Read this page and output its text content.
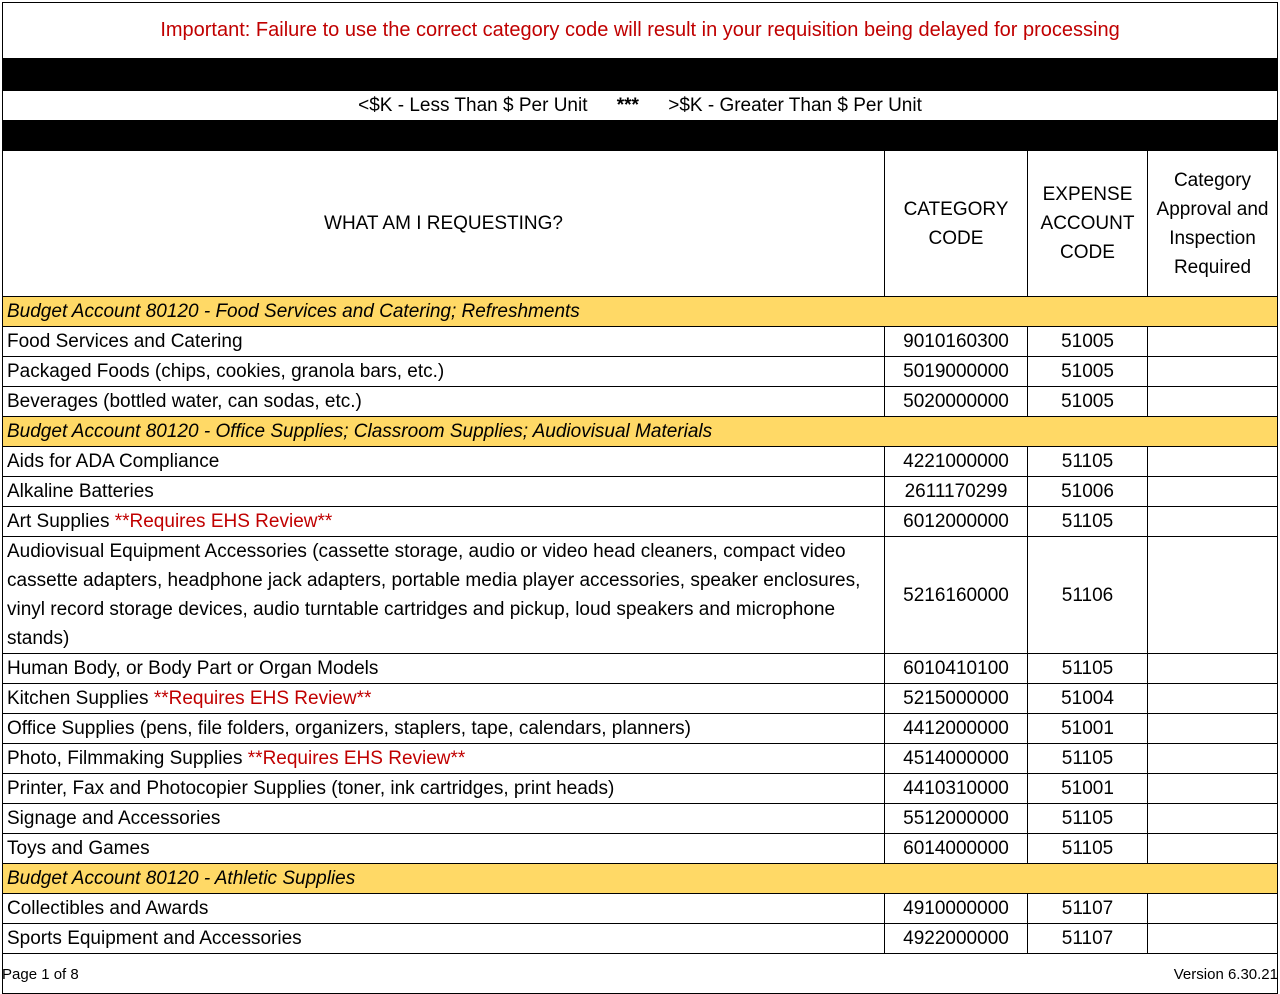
Important: Failure to use the correct category code will result in your requisition being delayed for processing			

<$K - Less Than $ Per Unit *** >$K - Greater Than $ Per Unit			

WHAT AM I REQUESTING?	CATEGORY CODE	EXPENSE ACCOUNT CODE	Category Approval and Inspection Required
Budget Account 80120 - Food Services and Catering; Refreshments			
Food Services and Catering	9010160300	51005	
Packaged Foods (chips, cookies, granola bars, etc.)	5019000000	51005	
Beverages (bottled water, can sodas, etc.)	5020000000	51005	
Budget Account 80120 - Office Supplies; Classroom Supplies; Audiovisual Materials			
Aids for ADA Compliance	4221000000	51105	
Alkaline Batteries	2611170299	51006	
Art Supplies **Requires EHS Review**	6012000000	51105	
Audiovisual Equipment Accessories (cassette storage, audio or video head cleaners, compact video cassette adapters, headphone jack adapters, portable media player accessories, speaker enclosures, vinyl record storage devices, audio turntable cartridges and pickup, loud speakers and microphone stands)	5216160000	51106	
Human Body, or Body Part or Organ Models	6010410100	51105	
Kitchen Supplies **Requires EHS Review**	5215000000	51004	
Office Supplies (pens, file folders, organizers, staplers, tape, calendars, planners)	4412000000	51001	
Photo, Filmmaking Supplies **Requires EHS Review**	4514000000	51105	
Printer, Fax and Photocopier Supplies (toner, ink cartridges, print heads)	4410310000	51001	
Signage and Accessories	5512000000	51105	
Toys and Games	6014000000	51105	
Budget Account 80120 - Athletic Supplies			
Collectibles and Awards	4910000000	51107	
Sports Equipment and Accessories	4922000000	51107	

Page 1 of 8	Version 6.30.21
